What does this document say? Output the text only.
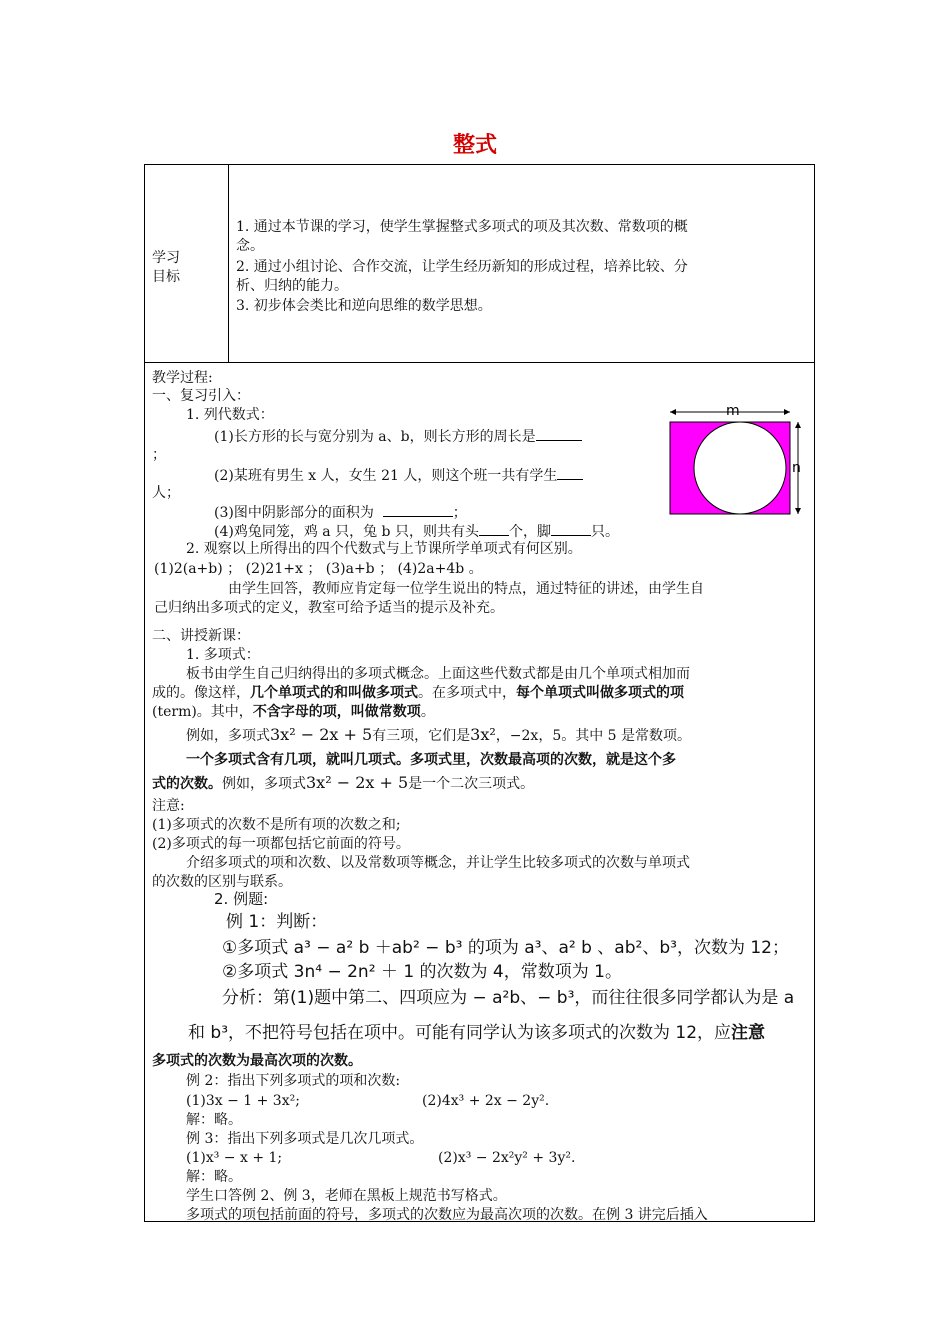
整式
学习
目标
1. 通过本节课的学习，使学生掌握整式多项式的项及其次数、常数项的概
念。
2. 通过小组讨论、合作交流，让学生经历新知的形成过程，培养比较、分
析、归纳的能力。
3. 初步体会类比和逆向思维的数学思想。
教学过程:
一、复习引入：
1. 列代数式：
(1)长方形的长与宽分别为 a、b，则长方形的周长是
；
(2)某班有男生 x 人，女生 21 人，则这个班一共有学生
人；
(3)图中阴影部分的面积为	；
(4)鸡兔同笼，鸡 a 只，兔 b 只，则共有头 个，脚	只。
2. 观察以上所得出的四个代数式与上节课所学单项式有何区别。
(1)2(a+b) ； (2)21+x ； (3)a+b ； (4)2a+4b 。
由学生回答，教师应肯定每一位学生说出的特点，通过特征的讲述，由学生自
己归纳出多项式的定义，教室可给予适当的提示及补充。
m
n
二、讲授新课：
1. 多项式：
板书由学生自己归纳得出的多项式概念。上面这些代数式都是由几个单项式相加而
成的。像这样，几个单项式的和叫做多项式。在多项式中，每个单项式叫做多项式的项
(term)。其中，不含字母的项，叫做常数项。
例如，多项式3x² − 2x + 5有三项，它们是3x²，−2x，5。其中 5 是常数项。
一个多项式含有几项，就叫几项式。多项式里，次数最高项的次数，就是这个多
式的次数。例如，多项式3x² − 2x + 5是一个二次三项式。
注意:
(1)多项式的次数不是所有项的次数之和;
(2)多项式的每一项都包括它前面的符号。
介绍多项式的项和次数、以及常数项等概念，并让学生比较多项式的次数与单项式
的次数的区别与联系。
2. 例题:
例 1：判断：
①多项式 a³ − a² b ＋ab² − b³ 的项为 a³、a² b 、ab²、b³，次数为 12；
②多项式 3n⁴ − 2n² ＋ 1 的次数为 4，常数项为 1。
分析：第(1)题中第二、四项应为 − a²b、− b³，而往往很多同学都认为是 a
和 b³，不把符号包括在项中。可能有同学认为该多项式的次数为 12，应注意
多项式的次数为最高次项的次数。
例 2：指出下列多项式的项和次数:
(1)3x − 1 + 3x²;	(2)4x³ + 2x − 2y².
解：略。
例 3：指出下列多项式是几次几项式。
(1)x³ − x + 1;	(2)x³ − 2x²y² + 3y².
解：略。
学生口答例 2、例 3，老师在黑板上规范书写格式。
多项式的项包括前面的符号，多项式的次数应为最高次项的次数。在例 3 讲完后插入
